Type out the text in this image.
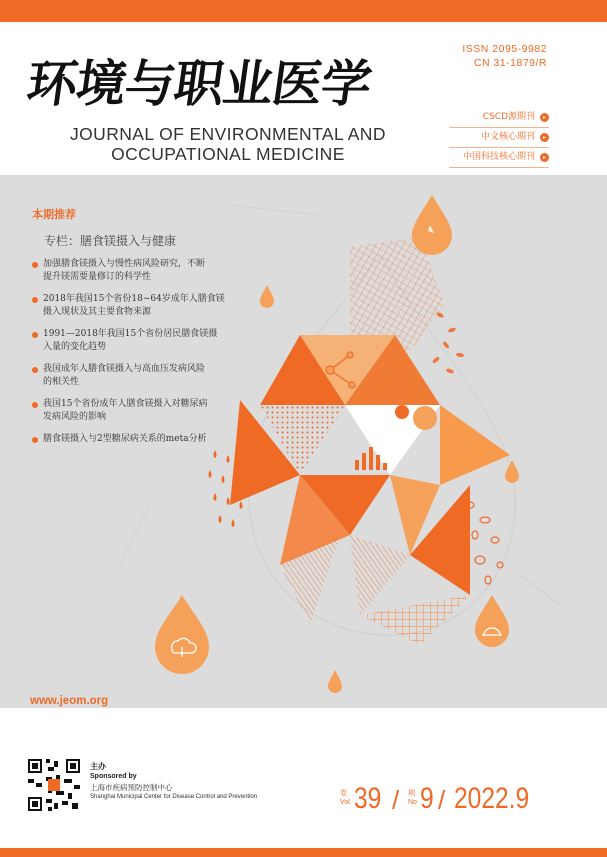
环境与职业医学
JOURNAL OF ENVIRONMENTAL AND
OCCUPATIONAL MEDICINE
ISSN 2095-9982
CN 31-1879/R
CSCD源期刊	▸
中文核心期刊	▸
中国科技核心期刊	▸
本期推荐
专栏：膳食镁摄入与健康
加强膳食镁摄入与慢性病风险研究，不断
提升镁需要量修订的科学性
2018年我国15个省份18~64岁成年人膳食镁
摄入现状及其主要食物来源
1991—2018年我国15个省份居民膳食镁摄
入量的变化趋势
我国成年人膳食镁摄入与高血压发病风险
的相关性
我国15个省份成年人膳食镁摄入对糖尿病
发病风险的影响
膳食镁摄入与2型糖尿病关系的meta分析
www.jeom.org
主办
Sponsored by
上海市疾病预防控制中心
Shanghai Municipal Center for Disease Control and Prevention	卷
Vol. 39 / 期
No 9 / 2022.9
